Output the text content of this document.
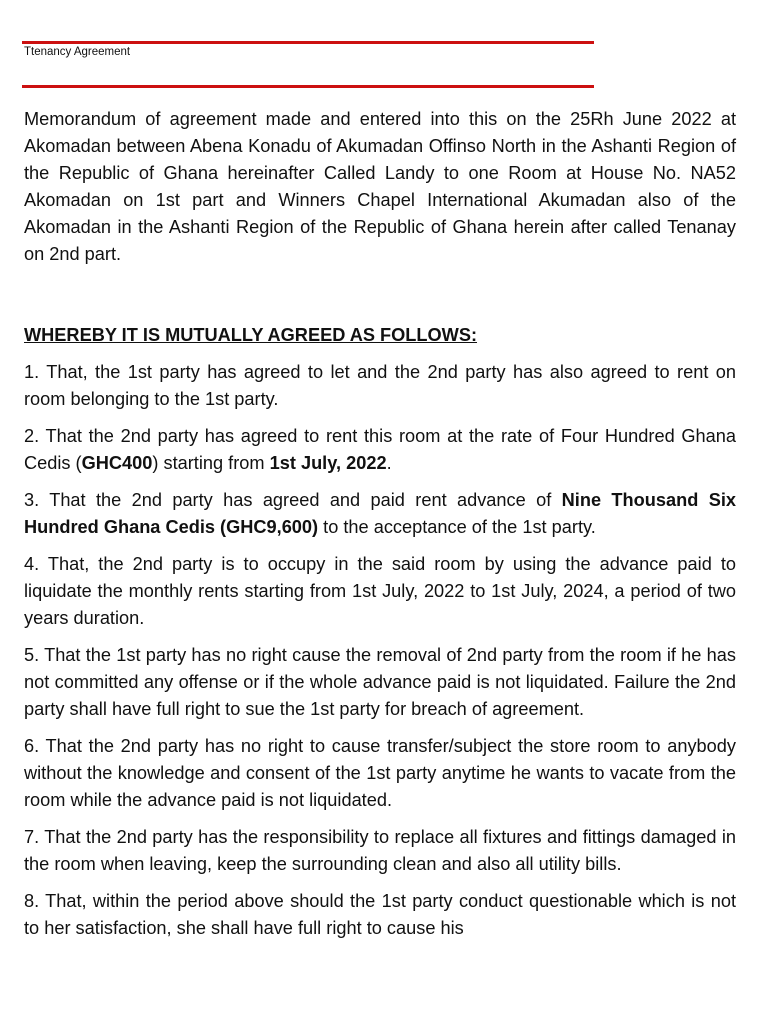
Ttenancy Agreement

Memorandum of agreement made and entered into this on the 25Rh June 2022 at Akomadan between Abena Konadu of Akumadan Offinso North in the Ashanti Region of the Republic of Ghana hereinafter Called Landy to one Room at House No. NA52 Akomadan on 1st part and Winners Chapel International Akumadan also of the Akomadan in the Ashanti Region of the Republic of Ghana herein after called Tenanay on 2nd part.

WHEREBY IT IS MUTUALLY AGREED AS FOLLOWS:

1. That, the 1st party has agreed to let and the 2nd party has also agreed to rent on room belonging to the 1st party.

2. That the 2nd party has agreed to rent this room at the rate of Four Hundred Ghana Cedis (GHC400) starting from 1st July, 2022.

3. That the 2nd party has agreed and paid rent advance of Nine Thousand Six Hundred Ghana Cedis (GHC9,600) to the acceptance of the 1st party.

4. That, the 2nd party is to occupy in the said room by using the advance paid to liquidate the monthly rents starting from 1st July, 2022 to 1st July, 2024, a period of two years duration.

5. That the 1st party has no right cause the removal of 2nd party from the room if he has not committed any offense or if the whole advance paid is not liquidated. Failure the 2nd party shall have full right to sue the 1st party for breach of agreement.

6. That the 2nd party has no right to cause transfer/subject the store room to anybody without the knowledge and consent of the 1st party anytime he wants to vacate from the room while the advance paid is not liquidated.

7. That the 2nd party has the responsibility to replace all fixtures and fittings damaged in the room when leaving, keep the surrounding clean and also all utility bills.

8. That, within the period above should the 1st party conduct questionable which is not to her satisfaction, she shall have full right to cause his
